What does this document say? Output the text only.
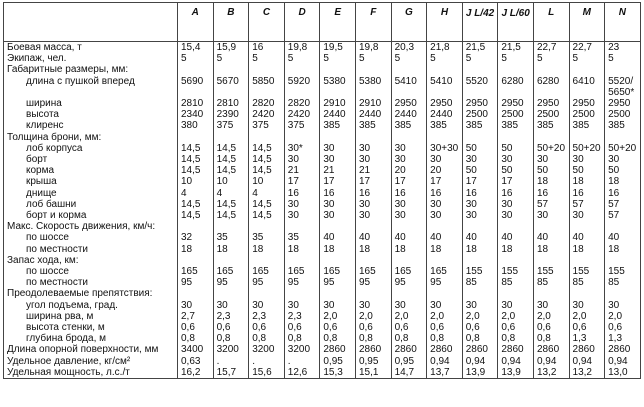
	A	B	C	D	E	F	G	H	J L/42	J L/60	L	M	N
Боевая масса, т	15,4	15,9	16	19,8	19,5	19,8	20,3	21,8	21,5	21,5	22,7	22,7	23
Экипаж, чел.	5	5	5	5	5	5	5	5	5	5	5	5	5
Габаритные размеры, мм:													
длина с пушкой вперед	5690	5670	5850	5920	5380	5380	5410	5410	5520	6280	6280	6410	5520/
													5650*
ширина	2810	2810	2820	2820	2910	2910	2950	2950	2950	2950	2950	2950	2950
высота	2340	2390	2420	2420	2440	2440	2440	2440	2500	2500	2500	2500	2500
клиренс	380	375	375	375	385	385	385	385	385	385	385	385	385
Толщина брони, мм:													
лоб корпуса	14,5	14,5	14,5	30*	30	30	30	30+30	50	50	50+20	50+20	50+20
борт	14,5	14,5	14,5	30	30	30	30	30	30	30	30	30	30
корма	14,5	14,5	14,5	21	21	21	20	20	50	50	50	50	50
крыша	10	10	10	17	17	17	17	17	17	17	18	18	18
днище	4	4	4	16	16	16	16	16	16	16	16	16	16
лоб башни	14,5	14,5	14,5	30	30	30	30	30	30	30	57	57	57
борт и корма	14,5	14,5	14,5	30	30	30	30	30	30	30	30	30	57
Макс. Скорость движения, км/ч:													
по шоссе	32	35	35	35	40	40	40	40	40	40	40	40	40
по местности	18	18	18	18	18	18	18	18	18	18	18	18	18
Запас хода, км:													
по шоссе	165	165	165	165	165	165	165	165	155	155	155	155	155
по местности	95	95	95	95	95	95	95	95	85	85	85	85	85
Преодолеваемые препятствия:													
угол подъема, град.	30	30	30	30	30	30	30	30	30	30	30	30	30
ширина рва, м	2,7	2,3	2,3	2,3	2,0	2,0	2,0	2,0	2,0	2,0	2,0	2,0	2,0
высота стенки, м	0,6	0,6	0,6	0,6	0,6	0,6	0,6	0,6	0,6	0,6	0,6	0,6	0,6
глубина брода, м	0,8	0,8	0,8	0,8	0,8	0,8	0,8	0,8	0,8	0,8	0,8	1,3	1,3
Длина опорной поверхности, мм	3400	3200	3200	3200	2860	2860	2860	2860	2860	2860	2860	2860	2860
Удельное давление, кг/см²	0,63	.	.	.	0,95	0,95	0,95	0,94	0,94	0,94	0,94	0,94	0,94
Удельная мощность, л.с./т	16,2	15,7	15,6	12,6	15,3	15,1	14,7	13,7	13,9	13,9	13,2	13,2	13,0
